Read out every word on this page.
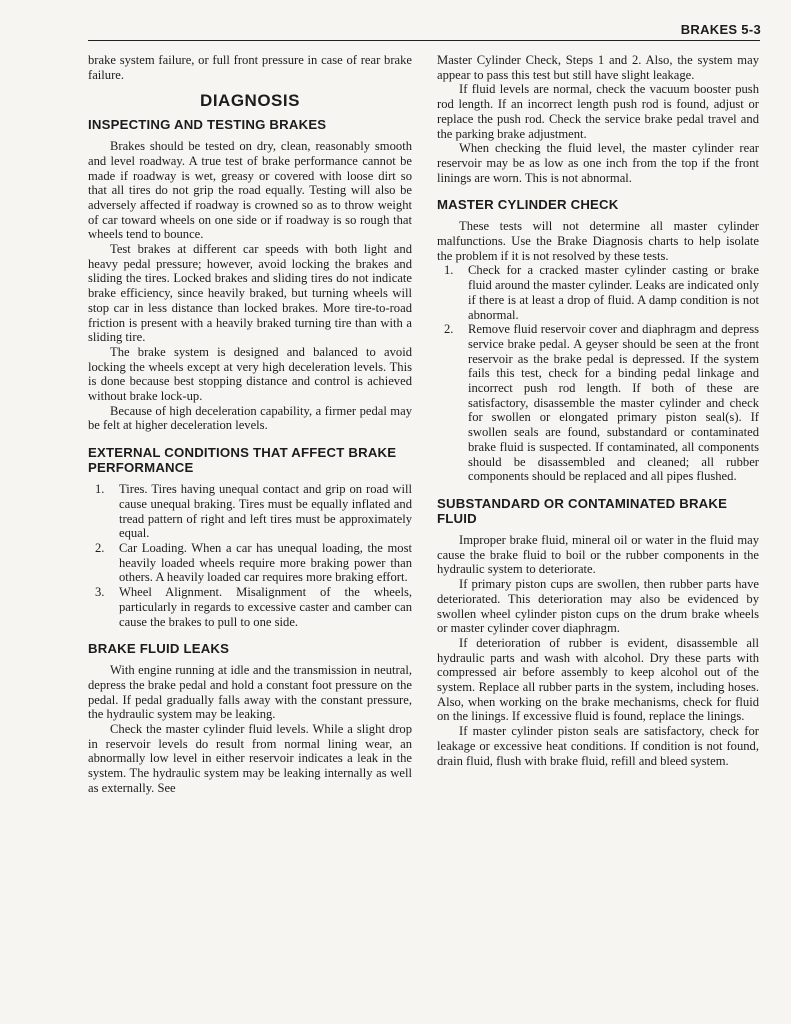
BRAKES 5-3

brake system failure, or full front pressure in case of rear brake failure.

DIAGNOSIS
INSPECTING AND TESTING BRAKES

Brakes should be tested on dry, clean, reasonably smooth and level roadway. A true test of brake performance cannot be made if roadway is wet, greasy or covered with loose dirt so that all tires do not grip the road equally. Testing will also be adversely affected if roadway is crowned so as to throw weight of car toward wheels on one side or if roadway is so rough that wheels tend to bounce.

Test brakes at different car speeds with both light and heavy pedal pressure; however, avoid locking the brakes and sliding the tires. Locked brakes and sliding tires do not indicate brake efficiency, since heavily braked, but turning wheels will stop car in less distance than locked brakes. More tire-to-road friction is present with a heavily braked turning tire than with a sliding tire.

The brake system is designed and balanced to avoid locking the wheels except at very high deceleration levels. This is done because best stopping distance and control is achieved without brake lock-up.

Because of high deceleration capability, a firmer pedal may be felt at higher deceleration levels.

EXTERNAL CONDITIONS THAT AFFECT BRAKE PERFORMANCE
1. Tires. Tires having unequal contact and grip on road will cause unequal braking. Tires must be equally inflated and tread pattern of right and left tires must be approximately equal.
2. Car Loading. When a car has unequal loading, the most heavily loaded wheels require more braking power than others. A heavily loaded car requires more braking effort.
3. Wheel Alignment. Misalignment of the wheels, particularly in regards to excessive caster and camber can cause the brakes to pull to one side.
BRAKE FLUID LEAKS

With engine running at idle and the transmission in neutral, depress the brake pedal and hold a constant foot pressure on the pedal. If pedal gradually falls away with the constant pressure, the hydraulic system may be leaking.

Check the master cylinder fluid levels. While a slight drop in reservoir levels do result from normal lining wear, an abnormally low level in either reservoir indicates a leak in the system. The hydraulic system may be leaking internally as well as externally. See

Master Cylinder Check, Steps 1 and 2. Also, the system may appear to pass this test but still have slight leakage.

If fluid levels are normal, check the vacuum booster push rod length. If an incorrect length push rod is found, adjust or replace the push rod. Check the service brake pedal travel and the parking brake adjustment.

When checking the fluid level, the master cylinder rear reservoir may be as low as one inch from the top if the front linings are worn. This is not abnormal.

MASTER CYLINDER CHECK

These tests will not determine all master cylinder malfunctions. Use the Brake Diagnosis charts to help isolate the problem if it is not resolved by these tests.

1. Check for a cracked master cylinder casting or brake fluid around the master cylinder. Leaks are indicated only if there is at least a drop of fluid. A damp condition is not abnormal.
2. Remove fluid reservoir cover and diaphragm and depress service brake pedal. A geyser should be seen at the front reservoir as the brake pedal is depressed. If the system fails this test, check for a binding pedal linkage and incorrect push rod length. If both of these are satisfactory, disassemble the master cylinder and check for swollen or elongated primary piston seal(s). If swollen seals are found, substandard or contaminated brake fluid is suspected. If contaminated, all components should be disassembled and cleaned; all rubber components should be replaced and all pipes flushed.
SUBSTANDARD OR CONTAMINATED BRAKE FLUID

Improper brake fluid, mineral oil or water in the fluid may cause the brake fluid to boil or the rubber components in the hydraulic system to deteriorate.

If primary piston cups are swollen, then rubber parts have deteriorated. This deterioration may also be evidenced by swollen wheel cylinder piston cups on the drum brake wheels or master cylinder cover diaphragm.

If deterioration of rubber is evident, disassemble all hydraulic parts and wash with alcohol. Dry these parts with compressed air before assembly to keep alcohol out of the system. Replace all rubber parts in the system, including hoses. Also, when working on the brake mechanisms, check for fluid on the linings. If excessive fluid is found, replace the linings.

If master cylinder piston seals are satisfactory, check for leakage or excessive heat conditions. If condition is not found, drain fluid, flush with brake fluid, refill and bleed system.
